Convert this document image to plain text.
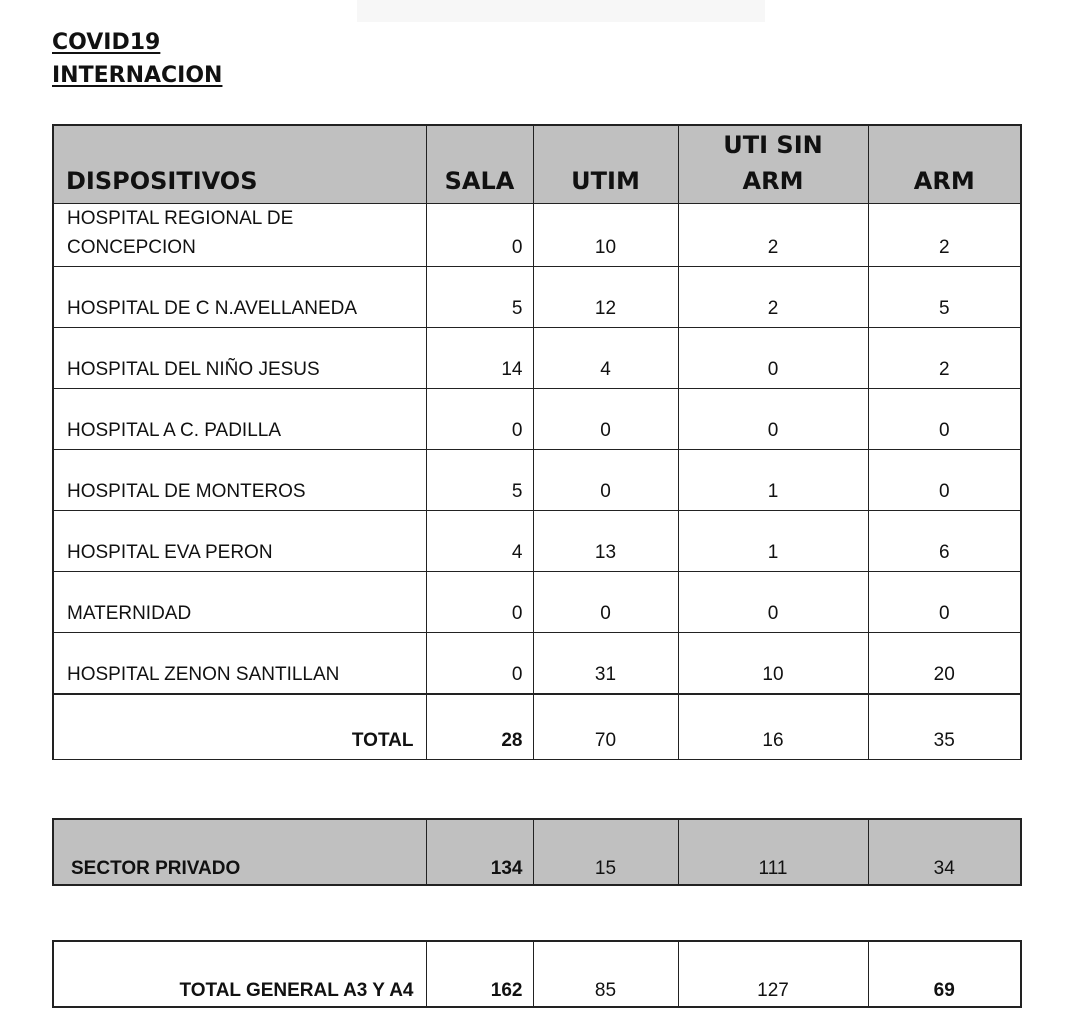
COVID19
INTERNACION
DISPOSITIVOS	SALA	UTIM	UTI SIN ARM	ARM
HOSPITAL REGIONAL DE CONCEPCION	0	10	2	2
HOSPITAL DE C N.AVELLANEDA	5	12	2	5
HOSPITAL DEL NIÑO JESUS	14	4	0	2
HOSPITAL A C. PADILLA	0	0	0	0
HOSPITAL DE MONTEROS	5	0	1	0
HOSPITAL EVA PERON	4	13	1	6
MATERNIDAD	0	0	0	0
HOSPITAL ZENON SANTILLAN	0	31	10	20
TOTAL	28	70	16	35
SECTOR PRIVADO	134	15	111	34
TOTAL GENERAL A3 Y A4	162	85	127	69
